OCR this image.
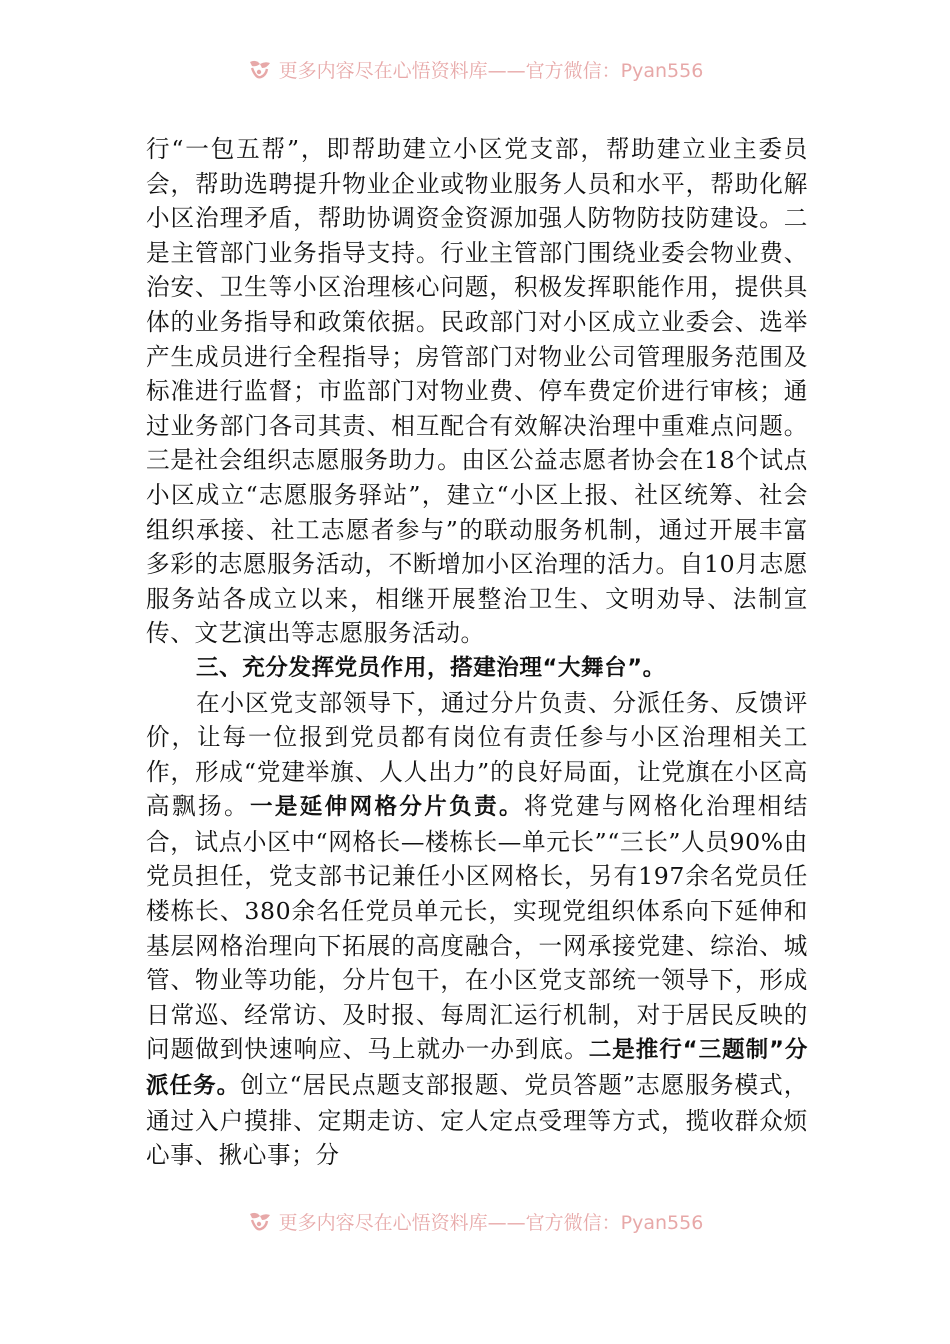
更多内容尽在心悟资料库——官方微信：Pyan556

行“一包五帮”，即帮助建立小区党支部，帮助建立业主委员会，帮助选聘提升物业企业或物业服务人员和水平，帮助化解小区治理矛盾，帮助协调资金资源加强人防物防技防建设。二是主管部门业务指导支持。行业主管部门围绕业委会物业费、治安、卫生等小区治理核心问题，积极发挥职能作用，提供具体的业务指导和政策依据。民政部门对小区成立业委会、选举产生成员进行全程指导；房管部门对物业公司管理服务范围及标准进行监督；市监部门对物业费、停车费定价进行审核；通过业务部门各司其责、相互配合有效解决治理中重难点问题。三是社会组织志愿服务助力。由区公益志愿者协会在18个试点小区成立“志愿服务驿站”，建立“小区上报、社区统筹、社会组织承接、社工志愿者参与”的联动服务机制，通过开展丰富多彩的志愿服务活动，不断增加小区治理的活力。自10月志愿服务站各成立以来，相继开展整治卫生、文明劝导、法制宣传、文艺演出等志愿服务活动。

三、充分发挥党员作用，搭建治理“大舞台”。

在小区党支部领导下，通过分片负责、分派任务、反馈评价，让每一位报到党员都有岗位有责任参与小区治理相关工作，形成“党建举旗、人人出力”的良好局面，让党旗在小区高高飘扬。一是延伸网格分片负责。将党建与网格化治理相结合，试点小区中“网格长—楼栋长—单元长”“三长”人员90%由党员担任，党支部书记兼任小区网格长，另有197余名党员任楼栋长、380余名任党员单元长，实现党组织体系向下延伸和基层网格治理向下拓展的高度融合，一网承接党建、综治、城管、物业等功能，分片包干，在小区党支部统一领导下，形成日常巡、经常访、及时报、每周汇运行机制，对于居民反映的问题做到快速响应、马上就办一办到底。二是推行“三题制”分派任务。创立“居民点题支部报题、党员答题”志愿服务模式，通过入户摸排、定期走访、定人定点受理等方式，揽收群众烦心事、揪心事；分

更多内容尽在心悟资料库——官方微信：Pyan556
